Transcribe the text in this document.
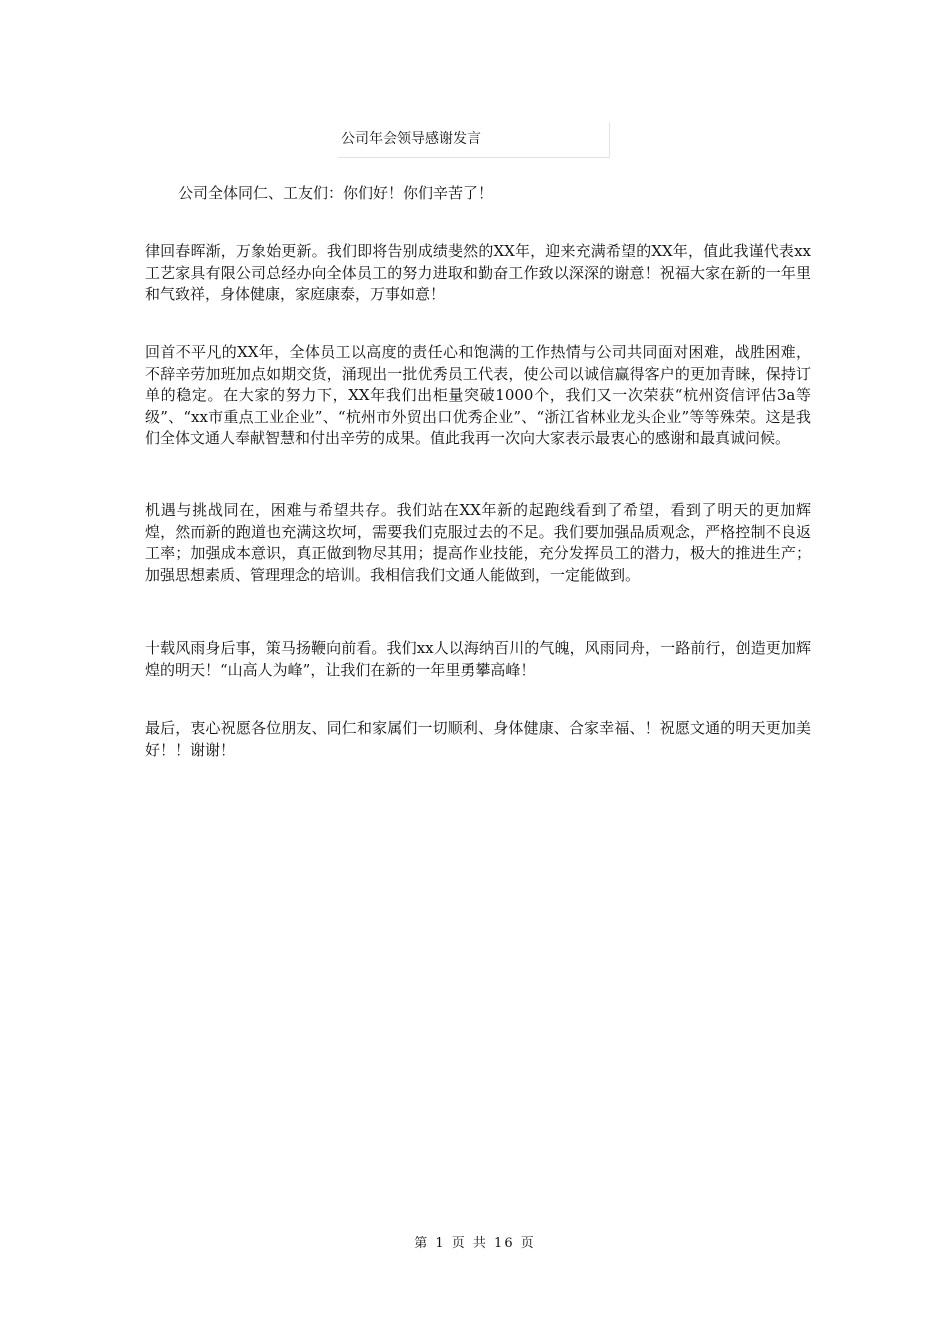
公司年会领导感谢发言
公司全体同仁、工友们：你们好！你们辛苦了！

律回春晖渐，万象始更新。我们即将告别成绩斐然的XX年，迎来充满希望的XX年，值此我谨代表xx工艺家具有限公司总经办向全体员工的努力进取和勤奋工作致以深深的谢意！祝福大家在新的一年里和气致祥，身体健康，家庭康泰，万事如意！

回首不平凡的XX年，全体员工以高度的责任心和饱满的工作热情与公司共同面对困难，战胜困难，不辞辛劳加班加点如期交货，涌现出一批优秀员工代表，使公司以诚信赢得客户的更加青睐，保持订单的稳定。在大家的努力下，XX年我们出柜量突破1000个，我们又一次荣获“杭州资信评估3a等级”、“xx市重点工业企业”、“杭州市外贸出口优秀企业”、“浙江省林业龙头企业”等等殊荣。这是我们全体文通人奉献智慧和付出辛劳的成果。值此我再一次向大家表示最衷心的感谢和最真诚问候。

机遇与挑战同在，困难与希望共存。我们站在XX年新的起跑线看到了希望，看到了明天的更加辉煌，然而新的跑道也充满这坎坷，需要我们克服过去的不足。我们要加强品质观念，严格控制不良返工率；加强成本意识，真正做到物尽其用；提高作业技能，充分发挥员工的潜力，极大的推进生产；加强思想素质、管理理念的培训。我相信我们文通人能做到，一定能做到。

十载风雨身后事，策马扬鞭向前看。我们xx人以海纳百川的气魄，风雨同舟，一路前行，创造更加辉煌的明天！“山高人为峰”，让我们在新的一年里勇攀高峰！

最后，衷心祝愿各位朋友、同仁和家属们一切顺利、身体健康、合家幸福、！祝愿文通的明天更加美好！！谢谢！

第 1 页 共 16 页
